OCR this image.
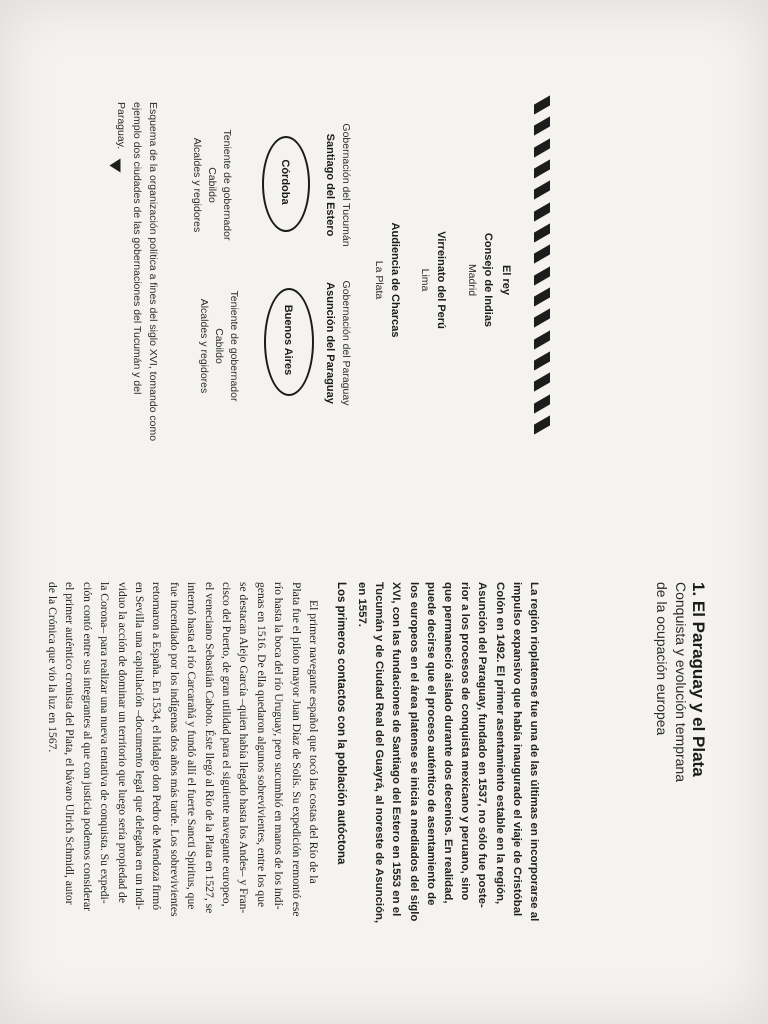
1. El Paraguay y el Plata
Conquista y evolución temprana
de la ocupación europea
La región rioplatense fue una de las últimas en incorporarse al
impulso expansivo que había inaugurado el viaje de Cristóbal
Colón en 1492. El primer asentamiento estable en la región,
Asunción del Paraguay, fundado en 1537, no sólo fue poste-
rior a los procesos de conquista mexicano y peruano, sino
que permaneció aislado durante dos decenios. En realidad,
puede decirse que el proceso auténtico de asentamiento de
los europeos en el área platense se inicia a mediados del siglo
XVI, con las fundaciones de Santiago del Estero en 1553 en el
Tucumán y de Ciudad Real del Guayrá, al noreste de Asunción,
en 1557.
Los primeros contactos con la población autóctona
El primer navegante español que tocó las costas del Río de la
Plata fue el piloto mayor Juan Díaz de Solís. Su expedición remontó ese
río hasta la boca del río Uruguay, pero sucumbió en manos de los indí-
genas en 1516. De ella quedaron algunos sobrevivientes, entre los que
se destacan Alejo García –quien había llegado hasta los Andes– y Fran-
cisco del Puerto, de gran utilidad para el siguiente navegante europeo,
el veneciano Sebastián Caboto. Éste llegó al Río de la Plata en 1527, se
internó hasta el río Carcarañá y fundó allí el fuerte Sancti Spiritus, que
fue incendiado por los indígenas dos años más tarde. Los sobrevivientes
retornaron a España. En 1534, el hidalgo don Pedro de Mendoza firmó
en Sevilla una capitulación –documento legal que delegaba en un indi-
viduo la acción de dominar un territorio que luego sería propiedad de
la Corona– para realizar una nueva tentativa de conquista. Su expedi-
ción contó entre sus integrantes al que con justicia podemos considerar
el primer auténtico cronista del Plata, el bávaro Ulrich Schmidl, autor
de la Crónica que vio la luz en 1567.
El rey
Consejo de Indias
Madrid
Virreinato del Perú
Lima
Audiencia de Charcas
La Plata
Gobernación del Tucumán
Santiago del Estero
Córdoba
Teniente de gobernador
Cabildo
Alcaldes y regidores
Gobernación del Paraguay
Asunción del Paraguay
Buenos Aires
Teniente de gobernador
Cabildo
Alcaldes y regidores
Esquema de la organización política a fines del siglo XVI, tomando como
ejemplo dos ciudades de las gobernaciones del Tucumán y del
Paraguay.
